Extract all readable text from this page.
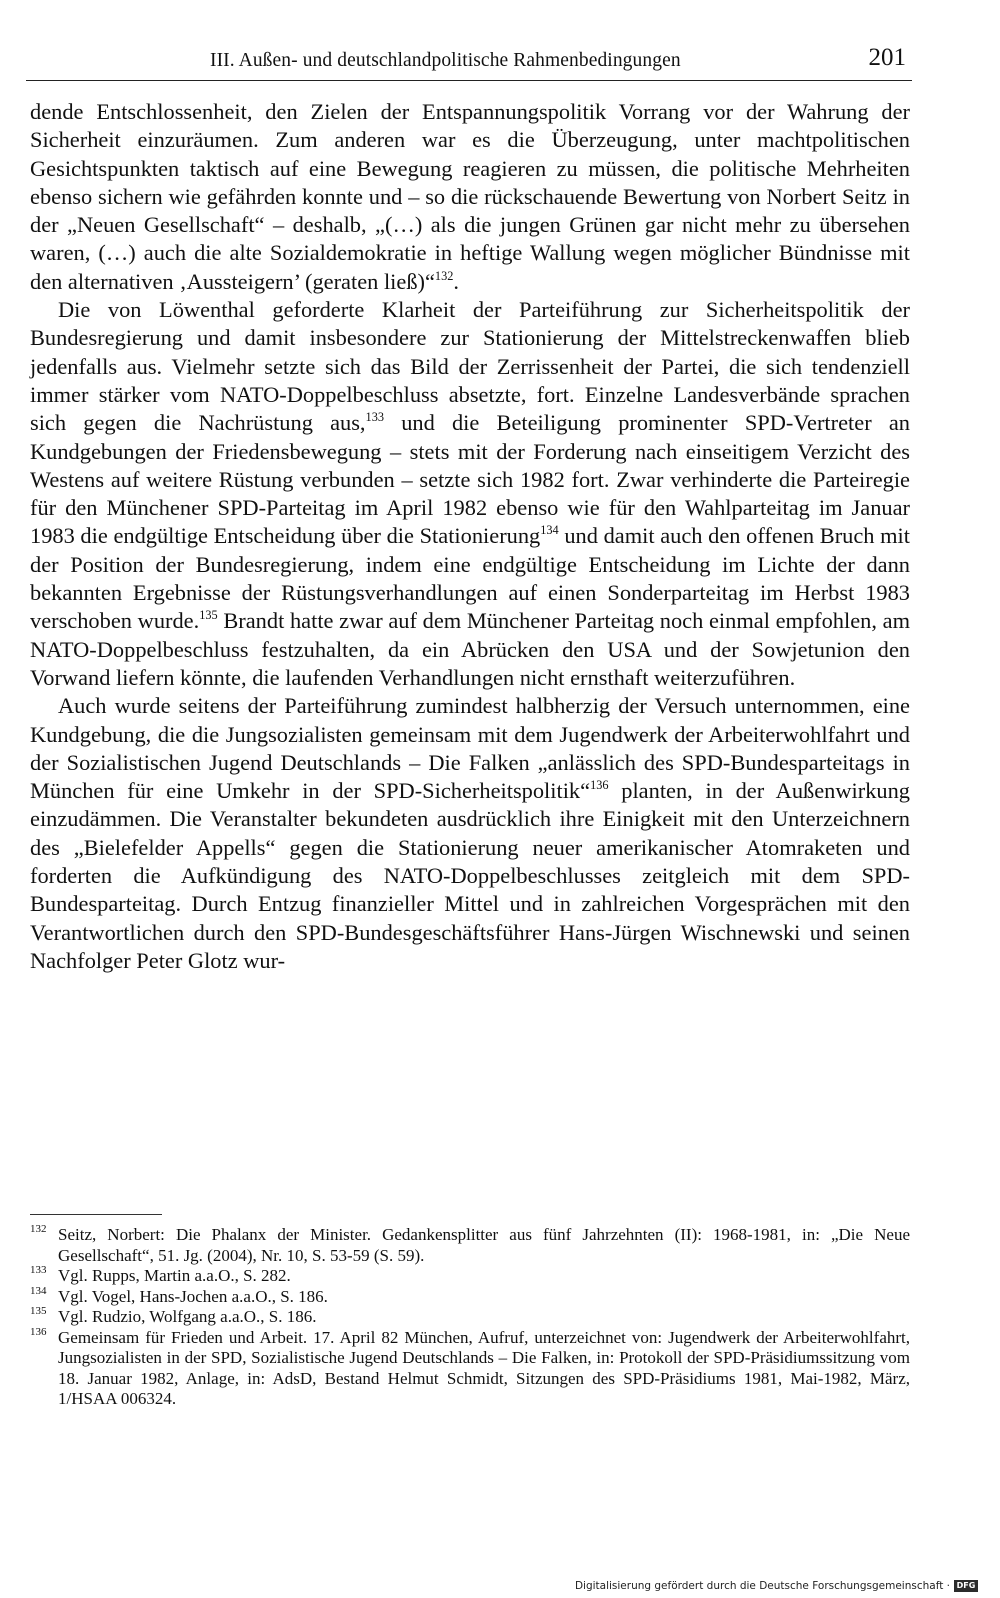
III. Außen- und deutschlandpolitische Rahmenbedingungen	201

dende Entschlossenheit, den Zielen der Entspannungspolitik Vorrang vor der Wahrung der Sicherheit einzuräumen. Zum anderen war es die Überzeugung, unter machtpolitischen Gesichtspunkten taktisch auf eine Bewegung reagieren zu müssen, die politische Mehrheiten ebenso sichern wie gefährden konnte und – so die rückschauende Bewertung von Norbert Seitz in der „Neuen Gesellschaft“ – deshalb, „(…) als die jungen Grünen gar nicht mehr zu übersehen waren, (…) auch die alte Sozialdemokratie in heftige Wallung wegen möglicher Bündnisse mit den alternativen ‚Aussteigern’ (geraten ließ)“$^{132}$.

Die von Löwenthal geforderte Klarheit der Parteiführung zur Sicherheitspolitik der Bundesregierung und damit insbesondere zur Stationierung der Mittelstreckenwaffen blieb jedenfalls aus. Vielmehr setzte sich das Bild der Zerrissenheit der Partei, die sich tendenziell immer stärker vom NATO-Doppelbeschluss absetzte, fort. Einzelne Landesverbände sprachen sich gegen die Nachrüstung aus,$^{133}$ und die Beteiligung prominenter SPD-Vertreter an Kundgebungen der Friedensbewegung – stets mit der Forderung nach einseitigem Verzicht des Westens auf weitere Rüstung verbunden – setzte sich 1982 fort. Zwar verhinderte die Parteiregie für den Münchener SPD-Parteitag im April 1982 ebenso wie für den Wahlparteitag im Januar 1983 die endgültige Entscheidung über die Stationierung$^{134}$ und damit auch den offenen Bruch mit der Position der Bundesregierung, indem eine endgültige Entscheidung im Lichte der dann bekannten Ergebnisse der Rüstungsverhandlungen auf einen Sonderparteitag im Herbst 1983 verschoben wurde.$^{135}$ Brandt hatte zwar auf dem Münchener Parteitag noch einmal empfohlen, am NATO-Doppelbeschluss festzuhalten, da ein Abrücken den USA und der Sowjetunion den Vorwand liefern könnte, die laufenden Verhandlungen nicht ernsthaft weiterzuführen.

Auch wurde seitens der Parteiführung zumindest halbherzig der Versuch unternommen, eine Kundgebung, die die Jungsozialisten gemeinsam mit dem Jugendwerk der Arbeiterwohlfahrt und der Sozialistischen Jugend Deutschlands – Die Falken „anlässlich des SPD-Bundesparteitags in München für eine Umkehr in der SPD-Sicherheitspolitik“$^{136}$ planten, in der Außenwirkung einzudämmen. Die Veranstalter bekundeten ausdrücklich ihre Einigkeit mit den Unterzeichnern des „Bielefelder Appells“ gegen die Stationierung neuer amerikanischer Atomraketen und forderten die Aufkündigung des NATO-Doppelbeschlusses zeitgleich mit dem SPD-Bundesparteitag. Durch Entzug finanzieller Mittel und in zahlreichen Vorgesprächen mit den Verantwortlichen durch den SPD-Bundesgeschäftsführer Hans-Jürgen Wischnewski und seinen Nachfolger Peter Glotz wur-

132 Seitz, Norbert: Die Phalanx der Minister. Gedankensplitter aus fünf Jahrzehnten (II): 1968-1981, in: „Die Neue Gesellschaft“, 51. Jg. (2004), Nr. 10, S. 53-59 (S. 59).

133 Vgl. Rupps, Martin a.a.O., S. 282.

134 Vgl. Vogel, Hans-Jochen a.a.O., S. 186.

135 Vgl. Rudzio, Wolfgang a.a.O., S. 186.

136 Gemeinsam für Frieden und Arbeit. 17. April 82 München, Aufruf, unterzeichnet von: Jugendwerk der Arbeiterwohlfahrt, Jungsozialisten in der SPD, Sozialistische Jugend Deutschlands – Die Falken, in: Protokoll der SPD-Präsidiumssitzung vom 18. Januar 1982, Anlage, in: AdsD, Bestand Helmut Schmidt, Sitzungen des SPD-Präsidiums 1981, Mai-1982, März, 1/HSAA 006324.

Digitalisierung gefördert durch die Deutsche Forschungsgemeinschaft · DFG
